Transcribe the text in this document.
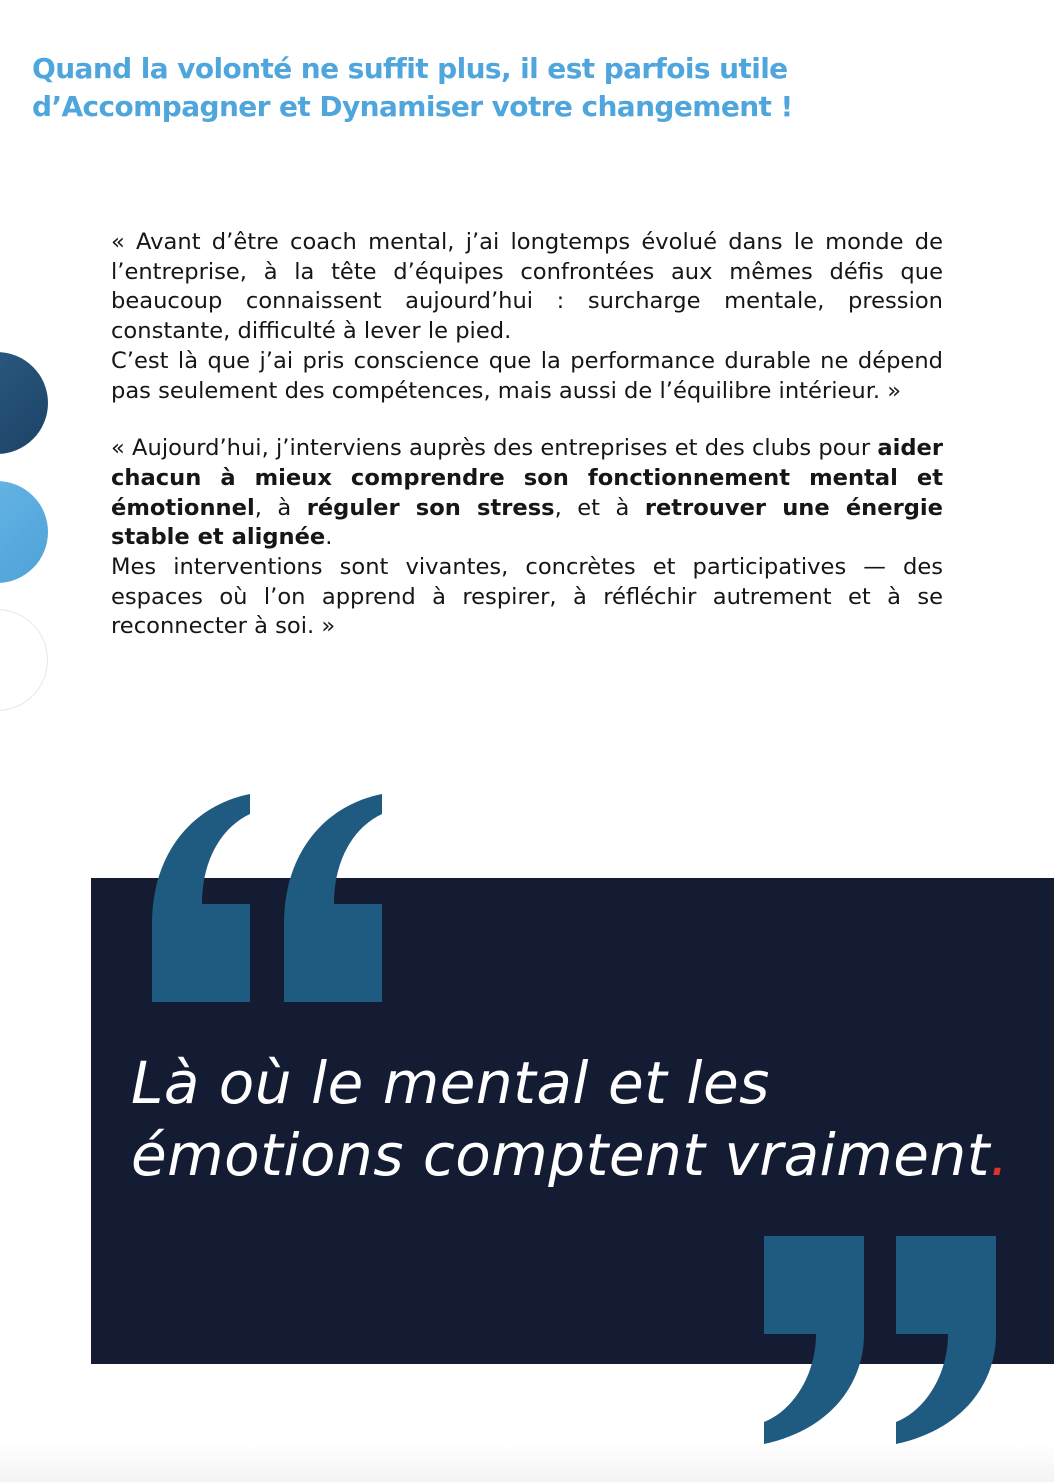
Quand la volonté ne suffit plus, il est parfois utile
d’Accompagner et Dynamiser votre changement !

« Avant d’être coach mental, j’ai longtemps évolué dans le monde de l’entreprise, à la tête d’équipes confrontées aux mêmes défis que beaucoup connaissent aujourd’hui : surcharge mentale, pression constante, difficulté à lever le pied.

C’est là que j’ai pris conscience que la performance durable ne dépend pas seulement des compétences, mais aussi de l’équilibre intérieur. »

« Aujourd’hui, j’interviens auprès des entreprises et des clubs pour aider chacun à mieux comprendre son fonctionnement mental et émotionnel, à réguler son stress, et à retrouver une énergie stable et alignée.

Mes interventions sont vivantes, concrètes et participatives — des espaces où l’on apprend à respirer, à réfléchir autrement et à se reconnecter à soi. »

Là où le mental et les
émotions comptent vraiment.
